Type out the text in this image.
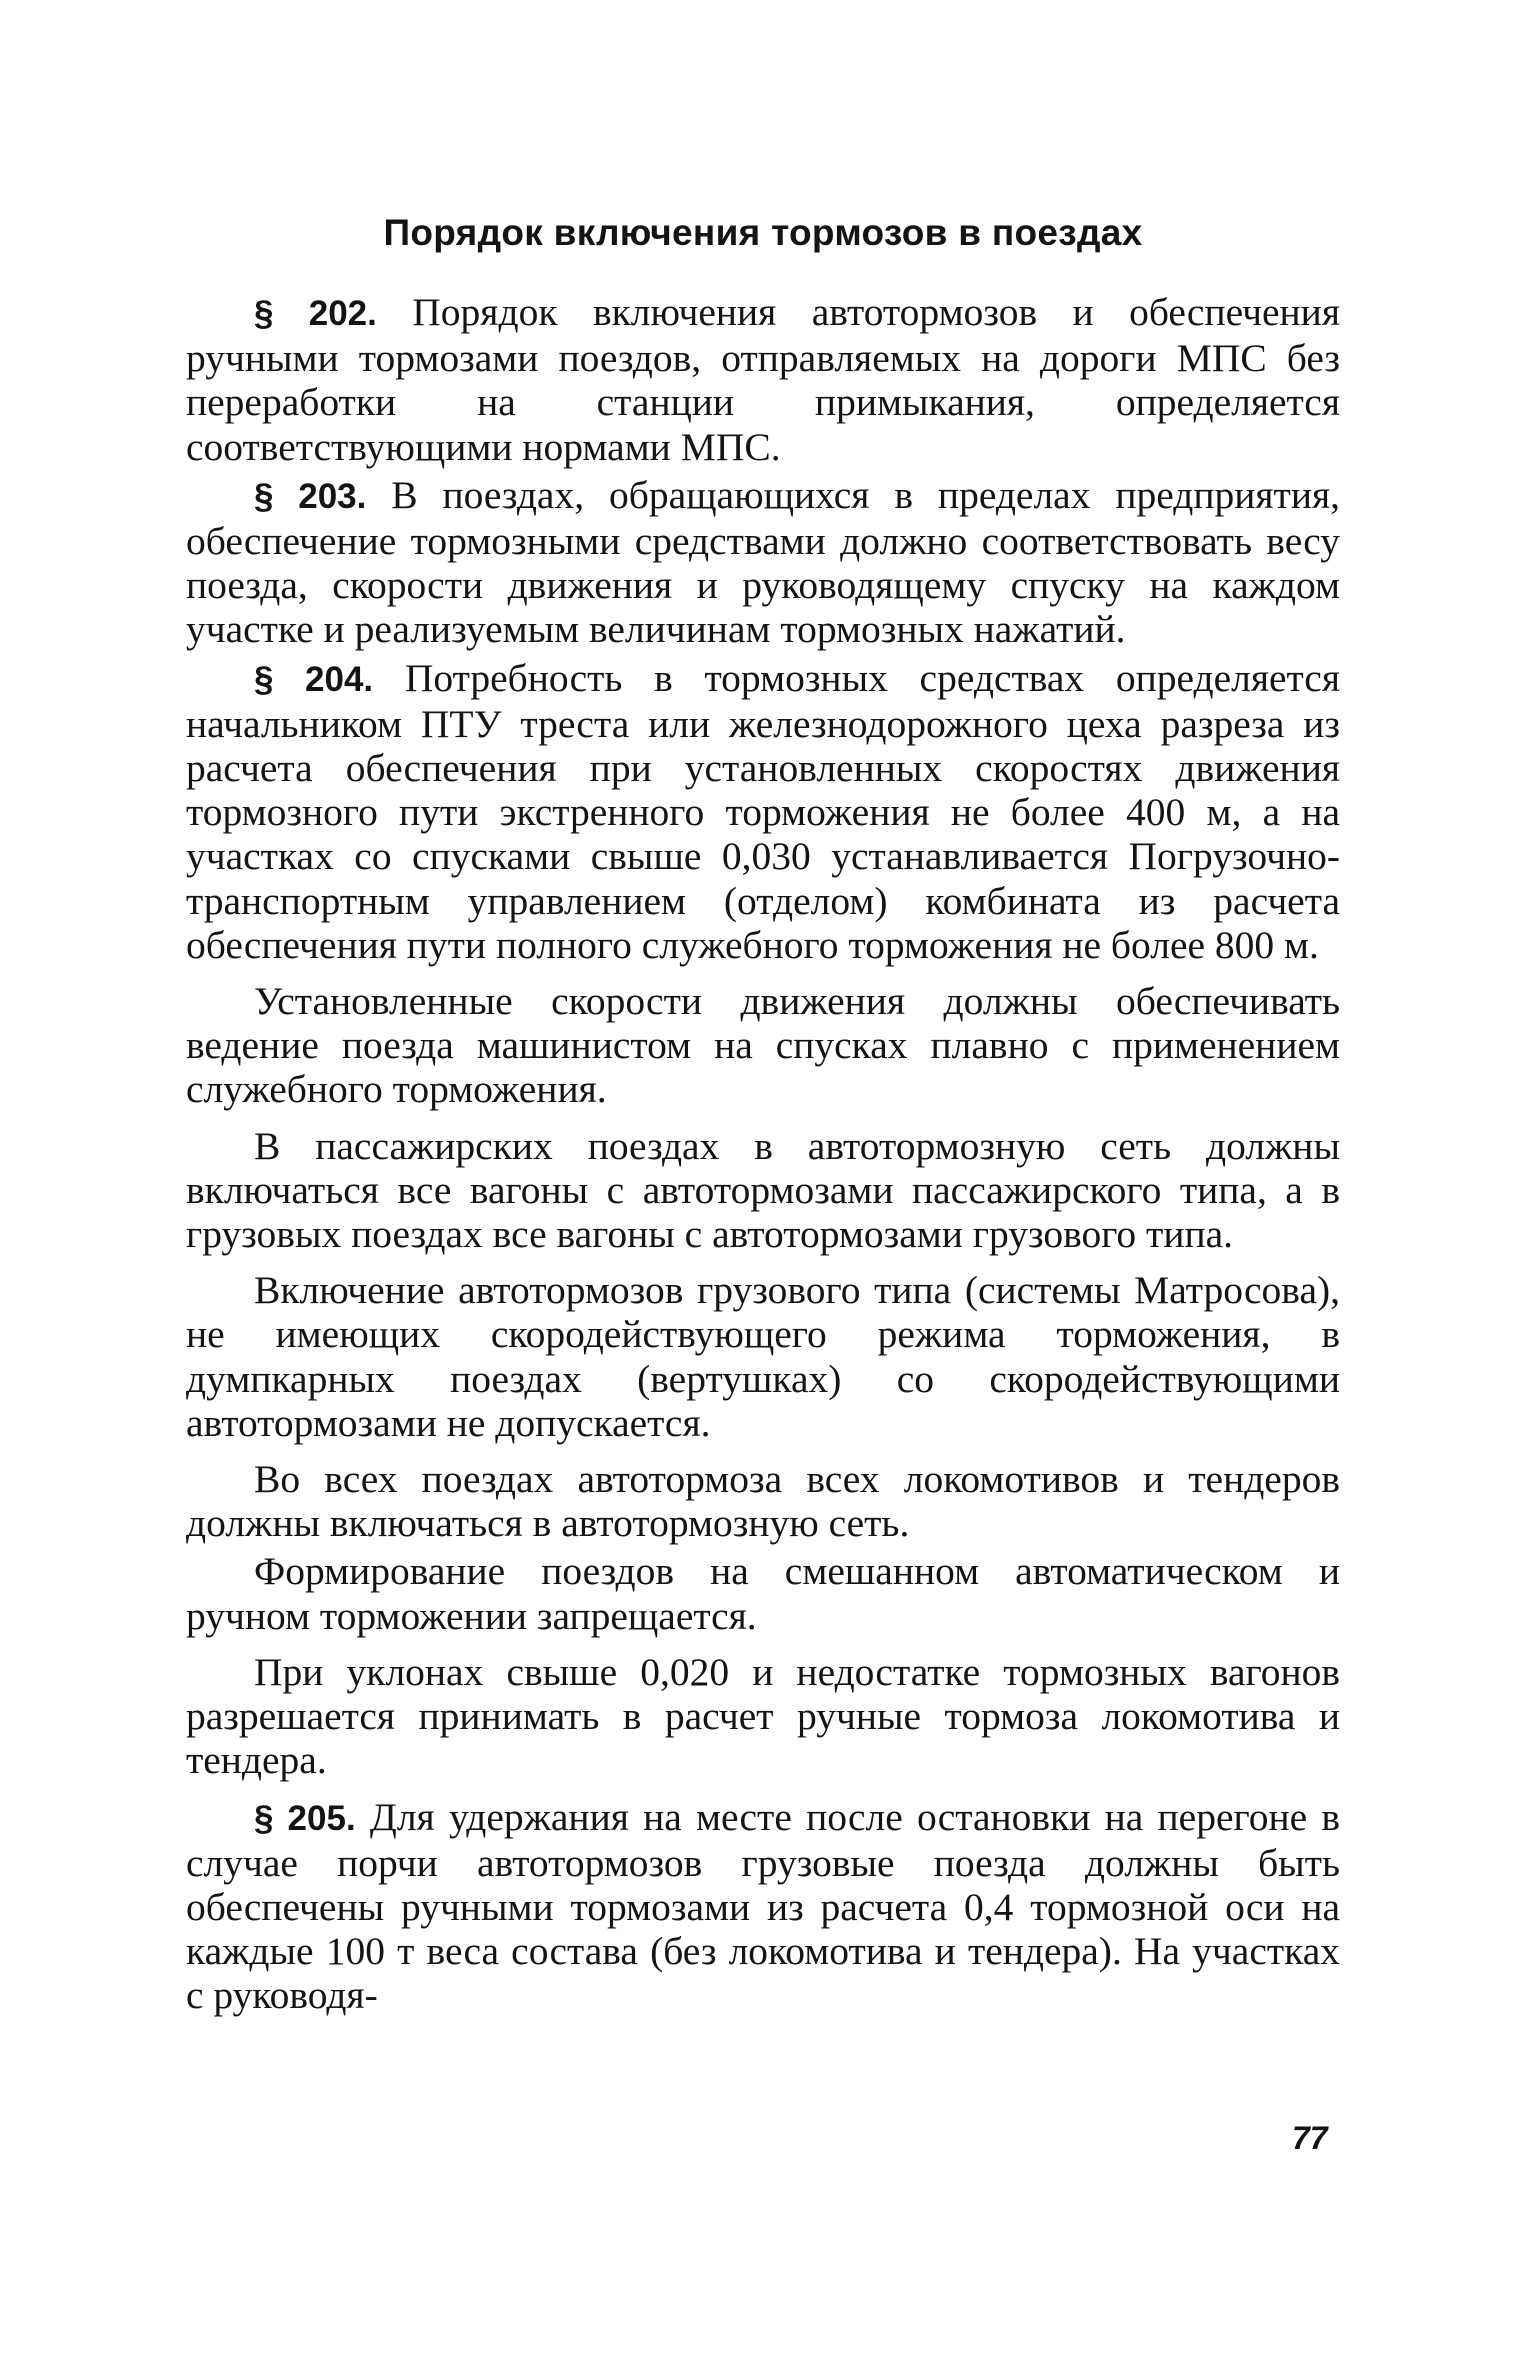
Порядок включения тормозов в поездах

§ 202. Порядок включения автотормозов и обеспечения ручными тормозами поездов, отправляемых на дороги МПС без переработки на станции примыкания, определяется соответствующими нормами МПС.

§ 203. В поездах, обращающихся в пределах предприятия, обеспечение тормозными средствами должно соответствовать весу поезда, скорости движения и руководящему спуску на каждом участке и реализуемым величинам тормозных нажатий.

§ 204. Потребность в тормозных средствах определяется начальником ПТУ треста или железнодорожного цеха разреза из расчета обеспечения при установленных скоростях движения тормозного пути экстренного торможения не более 400 м, а на участках со спусками свыше 0,030 устанавливается Погрузочно-транспортным управлением (отделом) комбината из расчета обеспечения пути полного служебного торможения не более 800 м.

Установленные скорости движения должны обеспечивать ведение поезда машинистом на спусках плавно с применением служебного торможения.

В пассажирских поездах в автотормозную сеть должны включаться все вагоны с автотормозами пассажирского типа, а в грузовых поездах все вагоны с автотормозами грузового типа.

Включение автотормозов грузового типа (системы Матросова), не имеющих скородействующего режима торможения, в думпкарных поездах (вертушках) со скородействующими автотормозами не допускается.

Во всех поездах автотормоза всех локомотивов и тендеров должны включаться в автотормозную сеть.

Формирование поездов на смешанном автоматическом и ручном торможении запрещается.

При уклонах свыше 0,020 и недостатке тормозных вагонов разрешается принимать в расчет ручные тормоза локомотива и тендера.

§ 205. Для удержания на месте после остановки на перегоне в случае порчи автотормозов грузовые поезда должны быть обеспечены ручными тормозами из расчета 0,4 тормозной оси на каждые 100 т веса состава (без локомотива и тендера). На участках с руководя-

77
